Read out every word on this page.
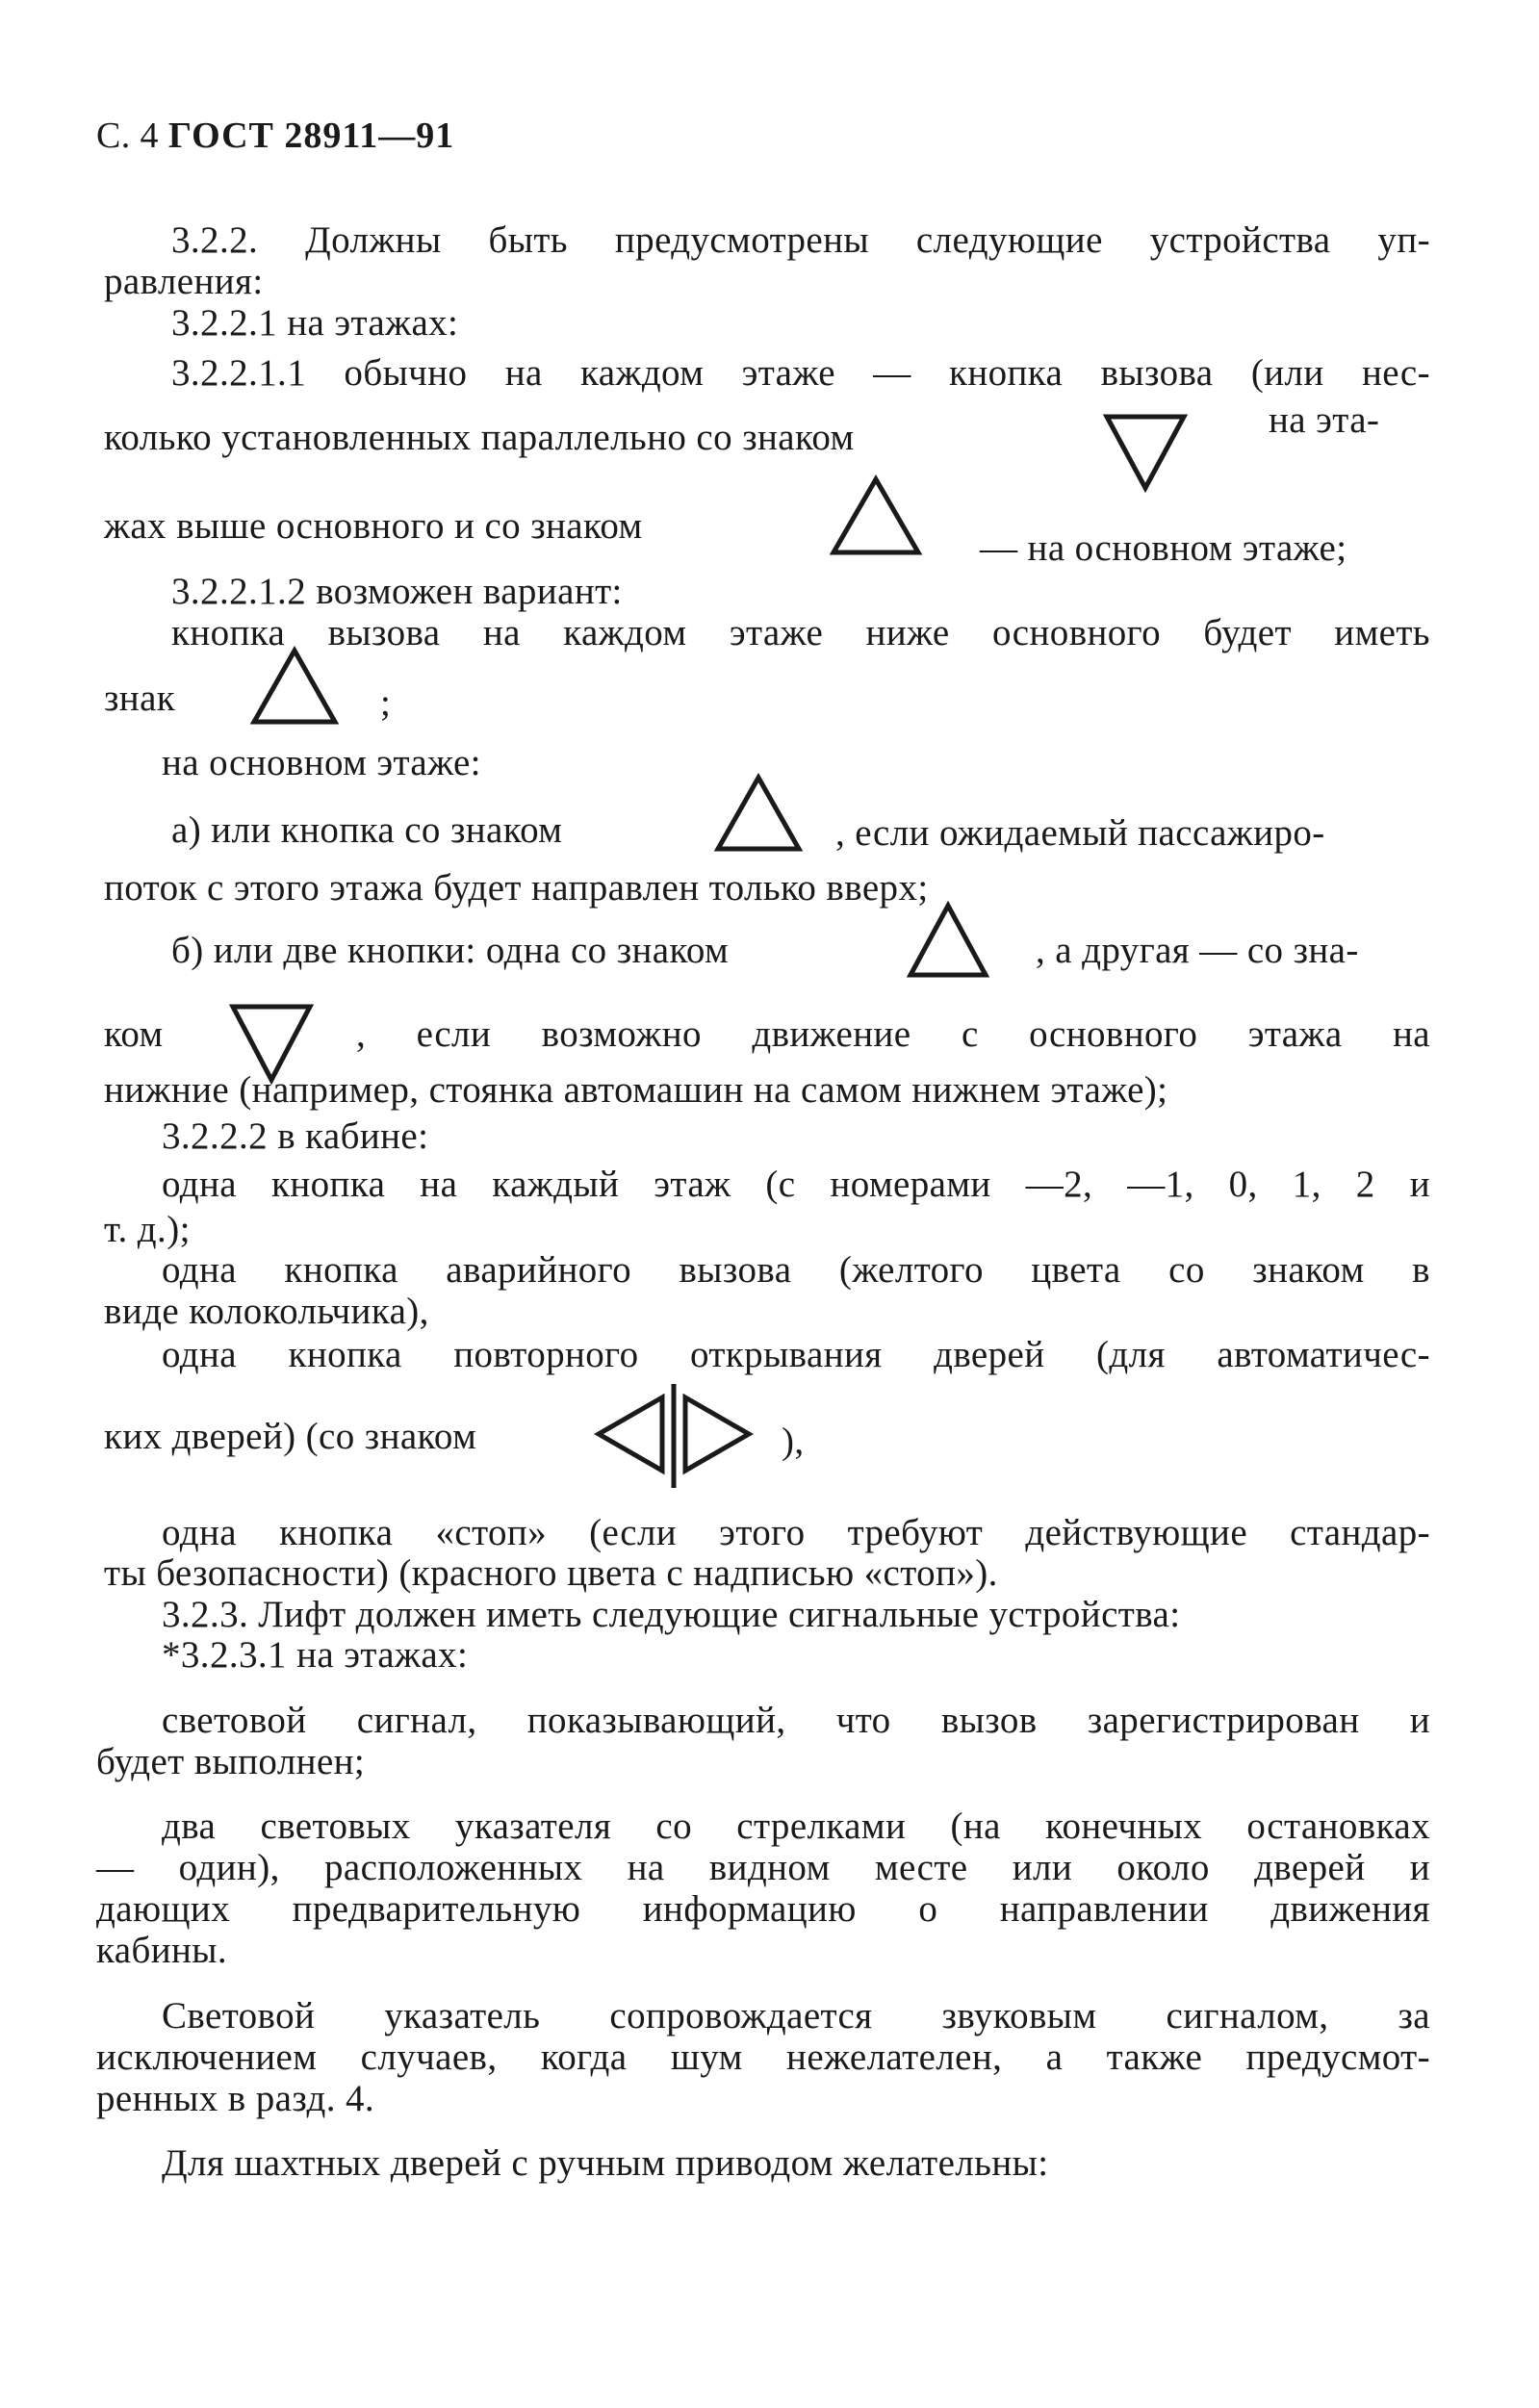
С. 4 ГОСТ 28911—91
3.2.2. Должны быть предусмотрены следующие устройства уп-
равления:
3.2.2.1 на этажах:
3.2.2.1.1 обычно на каждом этаже — кнопка вызова (или нес-
колько установленных параллельно со знаком	на эта-
жах выше основного и со знаком
— на основном этаже;
3.2.2.1.2 возможен вариант:
кнопка вызова на каждом этаже ниже основного будет иметь
знак	;
на основном этаже:
а) или кнопка со знаком	, если ожидаемый пассажиро-
поток с этого этажа будет направлен только вверх;
б) или две кнопки: одна со знаком	, а другая — со зна-
ком	, если возможно движение с основного этажа на
нижние (например, стоянка автомашин на самом нижнем этаже);
3.2.2.2 в кабине:
одна кнопка на каждый этаж (с номерами —2, —1, 0, 1, 2 и
т. д.);
одна кнопка аварийного вызова (желтого цвета со знаком в
виде колокольчика),
одна кнопка повторного открывания дверей (для автоматичес-
ких дверей) (со знаком	),
одна кнопка «стоп» (если этого требуют действующие стандар-
ты безопасности) (красного цвета с надписью «стоп»).
3.2.3. Лифт должен иметь следующие сигнальные устройства:
*3.2.3.1 на этажах:
световой сигнал, показывающий, что вызов зарегистрирован и
будет выполнен;
два световых указателя со стрелками (на конечных остановках
— один), расположенных на видном месте или около дверей и
дающих предварительную информацию о направлении движения
кабины.
Световой указатель сопровождается звуковым сигналом, за
исключением случаев, когда шум нежелателен, а также предусмот-
ренных в разд. 4.
Для шахтных дверей с ручным приводом желательны:
